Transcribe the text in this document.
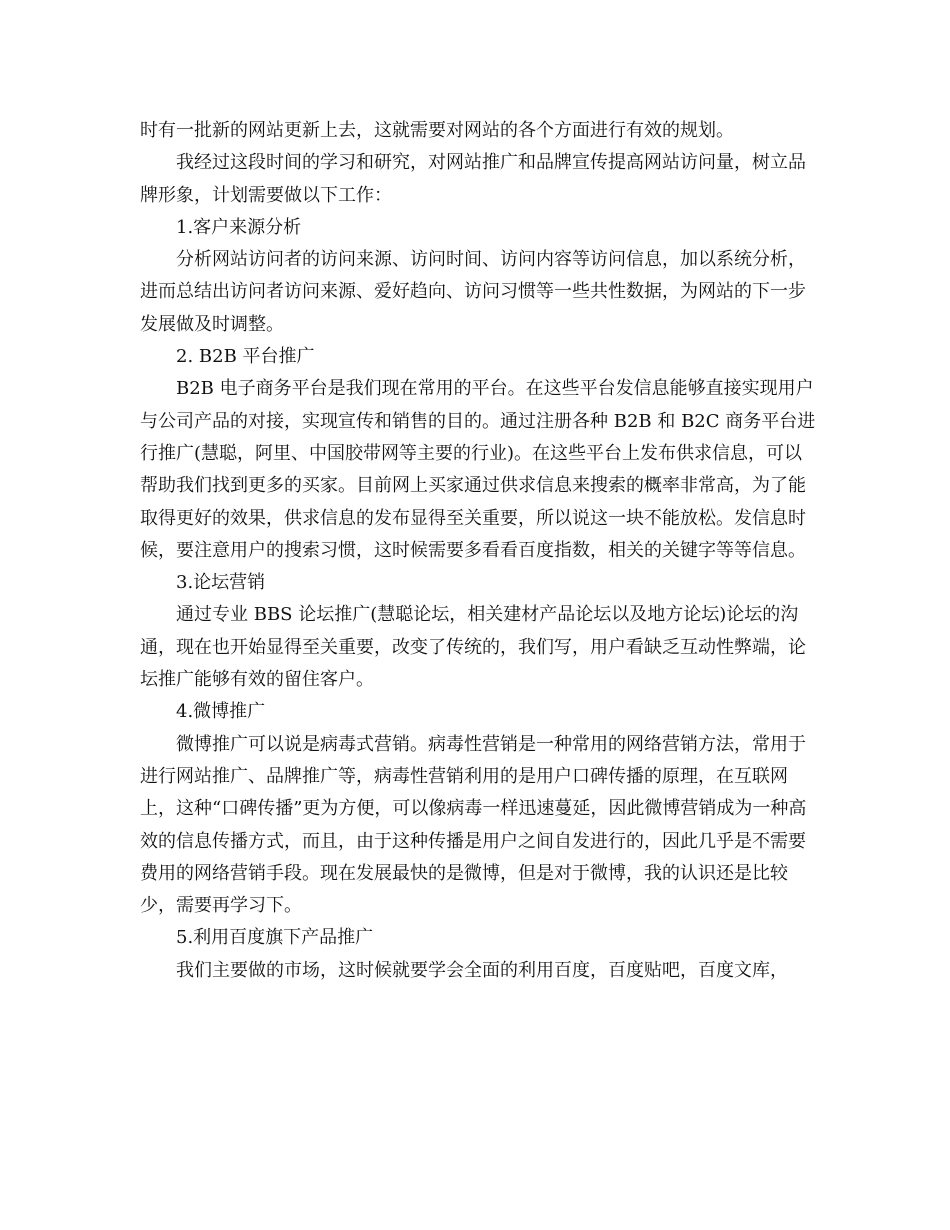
时有一批新的网站更新上去，这就需要对网站的各个方面进行有效的规划。

我经过这段时间的学习和研究，对网站推广和品牌宣传提高网站访问量，树立品牌形象，计划需要做以下工作：

1.客户来源分析

分析网站访问者的访问来源、访问时间、访问内容等访问信息，加以系统分析，进而总结出访问者访问来源、爱好趋向、访问习惯等一些共性数据，为网站的下一步发展做及时调整。

2. B2B 平台推广

B2B 电子商务平台是我们现在常用的平台。在这些平台发信息能够直接实现用户与公司产品的对接，实现宣传和销售的目的。通过注册各种 B2B 和 B2C 商务平台进行推广(慧聪，阿里、中国胶带网等主要的行业)。在这些平台上发布供求信息，可以帮助我们找到更多的买家。目前网上买家通过供求信息来搜索的概率非常高，为了能取得更好的效果，供求信息的发布显得至关重要，所以说这一块不能放松。发信息时候，要注意用户的搜索习惯，这时候需要多看看百度指数，相关的关键字等等信息。

3.论坛营销

通过专业 BBS 论坛推广(慧聪论坛，相关建材产品论坛以及地方论坛)论坛的沟通，现在也开始显得至关重要，改变了传统的，我们写，用户看缺乏互动性弊端，论坛推广能够有效的留住客户。

4.微博推广

微博推广可以说是病毒式营销。病毒性营销是一种常用的网络营销方法，常用于进行网站推广、品牌推广等，病毒性营销利用的是用户口碑传播的原理，在互联网上，这种“口碑传播”更为方便，可以像病毒一样迅速蔓延，因此微博营销成为一种高效的信息传播方式，而且，由于这种传播是用户之间自发进行的，因此几乎是不需要费用的网络营销手段。现在发展最快的是微博，但是对于微博，我的认识还是比较少，需要再学习下。

5.利用百度旗下产品推广

我们主要做的市场，这时候就要学会全面的利用百度，百度贴吧，百度文库，
